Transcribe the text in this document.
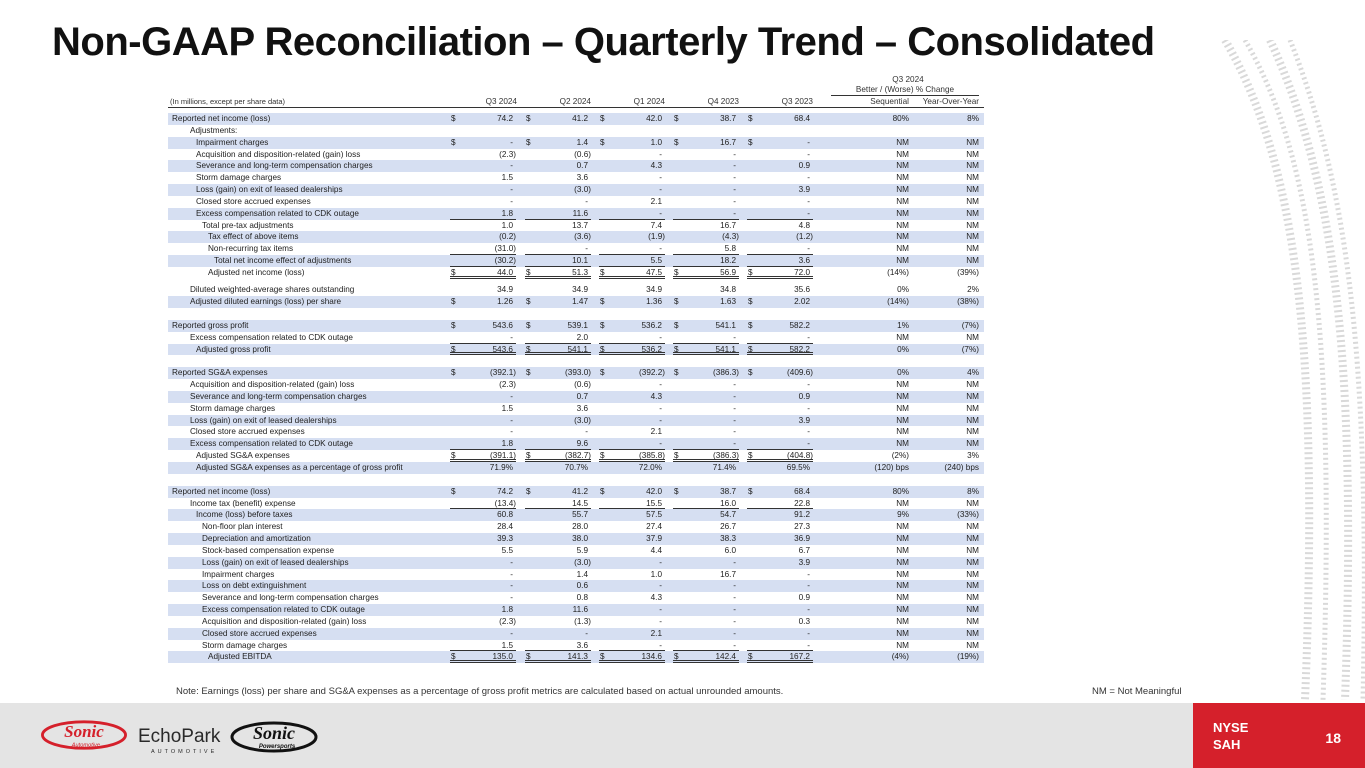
Non-GAAP Reconciliation – Quarterly Trend – Consolidated
Q3 2024
Better / (Worse) % Change
(In millions, except per share data)	Q3 2024	Q2 2024	Q1 2024	Q4 2023	Q3 2023	Sequential	Year-Over-Year
Reported net income (loss)	$	74.2	$	41.2	$	42.0	$	38.7	$	68.4	80%	8%
Adjustments:
Impairment charges	$	-	$	1.4	$	1.0	$	16.7	$	-	NM	NM
Acquisition and disposition-related (gain) loss	(2.3)	(0.6)	-	-	-	NM	NM
Severance and long-term compensation charges	-	0.7	4.3	-	0.9	NM	NM
Storm damage charges	1.5	3.6	-	-	-	NM	NM
Loss (gain) on exit of leased dealerships	-	(3.0)	-	-	3.9	NM	NM
Closed store accrued expenses	-	-	2.1	-	-	NM	NM
Excess compensation related to CDK outage	1.8	11.6	-	-	-	NM	NM
Total pre-tax adjustments	1.0	13.7	7.4	16.7	4.8	NM	NM
Tax effect of above items	(0.2)	(3.6)	(1.9)	(4.3)	(1.2)	NM	NM
Non-recurring tax items	(31.0)	-	-	5.8	-	NM	NM
Total net income effect of adjustments	(30.2)	10.1	5.5	18.2	3.6	NM	NM
Adjusted net income (loss)	$	44.0	$	51.3	$	47.5	$	56.9	$	72.0	(14%)	(39%)
Diluted weighted-average shares outstanding	34.9	34.9	34.9	34.8	35.6	0%	2%
Adjusted diluted earnings (loss) per share	$	1.26	$	1.47	$	1.36	$	1.63	$	2.02	(14%)	(38%)
Reported gross profit	$	543.6	$	539.1	$	536.2	$	541.1	$	582.2	1%	(7%)
Excess compensation related to CDK outage	-	2.0	-	-	-	NM	NM
Adjusted gross profit	$	543.6	$	541.1	$	536.2	$	541.1	$	582.2	0%	(7%)
Reported SG&A expenses	$	(392.1) $	(393.0) $	(392.2) $	(386.3) $	(409.6)	0%	4%
Acquisition and disposition-related (gain) loss	(2.3)	(0.6)	-	-	-	NM	NM
Severance and long-term compensation charges	-	0.7	4.3	-	0.9	NM	NM
Storm damage charges	1.5	3.6	-	-	-	NM	NM
Loss (gain) on exit of leased dealerships	-	(3.0)	-	-	3.9	NM	NM
Closed store accrued expenses	-	-	2.1	-	-	NM	NM
Excess compensation related to CDK outage	1.8	9.6	-	-	-	NM	NM
Adjusted SG&A expenses	$	(391.1) $	(382.7) $	(385.8) $	(386.3) $	(404.8)	(2%)	3%
Adjusted SG&A expenses as a percentage of gross profit	71.9%	70.7%	72.0%	71.4%	69.5%	(120) bps	(240) bps
Reported net income (loss)	$	74.2	$	41.2	$	42.0	$	38.7	$	68.4	80%	8%
Income tax (benefit) expense	(13.4)	14.5	15.5	16.0	22.8	NM	NM
Income (loss) before taxes	60.8	55.7	57.5	54.7	91.2	9%	(33%)
Non-floor plan interest	28.4	28.0	27.4	26.7	27.3	NM	NM
Depreciation and amortization	39.3	38.0	37.9	38.3	36.9	NM	NM
Stock-based compensation expense	5.5	5.9	4.4	6.0	6.7	NM	NM
Loss (gain) on exit of leased dealerships	-	(3.0)	-	-	3.9	NM	NM
Impairment charges	-	1.4	1.0	16.7	-	NM	NM
Loss on debt extinguishment	-	0.6	-	-	-	NM	NM
Severance and long-term compensation charges	-	0.8	4.3	-	0.9	NM	NM
Excess compensation related to CDK outage	1.8	11.6	-	-	-	NM	NM
Acquisition and disposition-related (gain) loss	(2.3)	(1.3)	-	-	0.3	NM	NM
Closed store accrued expenses	-	-	2.1	-	-	NM	NM
Storm damage charges	1.5	3.6	-	-	-	NM	NM
Adjusted EBITDA	$	135.0	$	141.3	$	134.6	$	142.4	$	167.2	(4%)	(19%)
Note: Earnings (loss) per share and SG&A expenses as a percentage of gross profit metrics are calculated based on actual unrounded amounts.	NM = Not Meaningful
Sonic
Automotive EchoPark
AUTOMOTIVE
Sonic
Powersports
NYSE
SAH	18
